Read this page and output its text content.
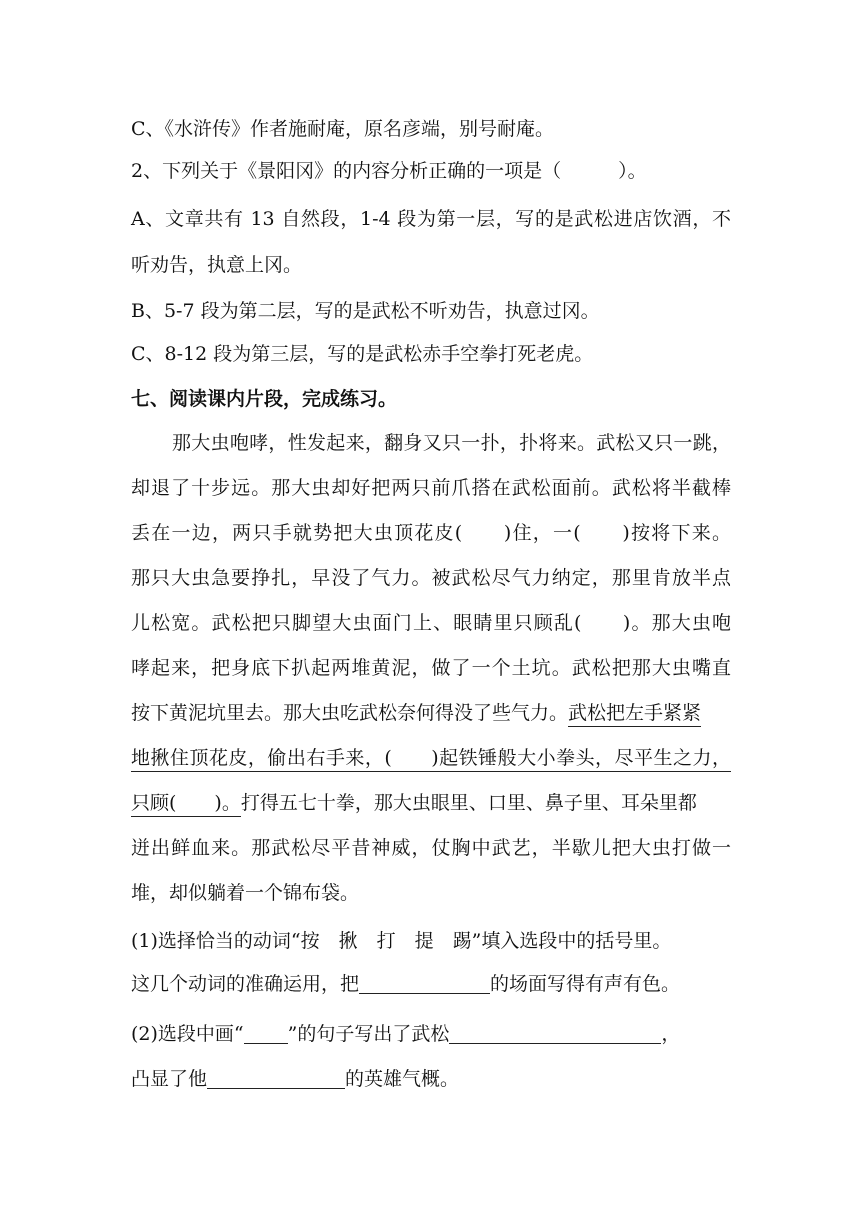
C、《水浒传》作者施耐庵，原名彦端，别号耐庵。
2、下列关于《景阳冈》的内容分析正确的一项是（　　　）。
A、文章共有 13 自然段，1-4 段为第一层，写的是武松进店饮酒，不
听劝告，执意上冈。
B、5-7 段为第二层，写的是武松不听劝告，执意过冈。
C、8-12 段为第三层，写的是武松赤手空拳打死老虎。
七、阅读课内片段，完成练习。
那大虫咆哮，性发起来，翻身又只一扑，扑将来。武松又只一跳，
却退了十步远。那大虫却好把两只前爪搭在武松面前。武松将半截棒
丢在一边，两只手就势把大虫顶花皮(　　)住，一(　　)按将下来。
那只大虫急要挣扎，早没了气力。被武松尽气力纳定，那里肯放半点
儿松宽。武松把只脚望大虫面门上、眼睛里只顾乱(　　)。那大虫咆
哮起来，把身底下扒起两堆黄泥，做了一个土坑。武松把那大虫嘴直
按下黄泥坑里去。那大虫吃武松奈何得没了些气力。武松把左手紧紧
地揪住顶花皮，偷出右手来，(　　)起铁锤般大小拳头，尽平生之力，
只顾(　　)。打得五七十拳，那大虫眼里、口里、鼻子里、耳朵里都
迸出鲜血来。那武松尽平昔神威，仗胸中武艺，半歇儿把大虫打做一
堆，却似躺着一个锦布袋。
(1)选择恰当的动词“按　揪　打　提　踢”填入选段中的括号里。
这几个动词的准确运用，把	的场面写得有声有色。
(2)选段中画“ ”的句子写出了武松	，
凸显了他	的英雄气概。
